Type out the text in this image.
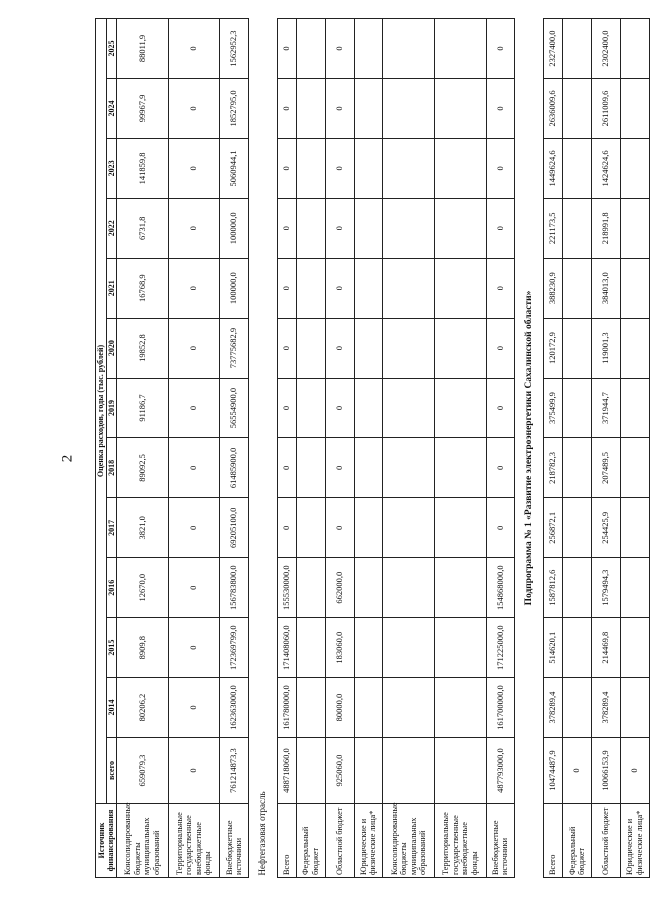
2
Источник финансирования	Оценка расходов, годы (тыс. рублей)												
	всего	2014	2015	2016	2017	2018	2019	2020	2021	2022	2023	2024	2025
Консолидированные бюджеты муниципальных образований	659079,3	80206,2	8909,8	12670,0	3821,0	89092,5	91186,7	19852,8	16768,9	6731,8	141859,8	99967,9	88011,9
Территориальные государственные внебюджетные фонды	0	0	0	0	0	0	0	0	0	0	0	0	0
Внебюджетные источники	761214873,3	162363000,0	172369799,0	156783800,0	69205100,0	61485900,0	56554900,0	73775682,9	100000,0	100000,0	5060944,1	1852795,0	1562952,3
Нефтегазовая отрасль													
Всего	488718060,0	161780000,0	171408060,0	155530000,0	0	0	0	0	0	0	0	0	0
Федеральный бюджет													
Областной бюджет	925060,0	80000,0	183060,0	662000,0	0	0	0	0	0	0	0	0	0
Юридические и физические лица*													
Консолидированные бюджеты муниципальных образований													
Территориальные государственные внебюджетные фонды													
Внебюджетные источники	487793000,0	161700000,0	171225000,0	154868000,0	0	0	0	0	0	0	0	0	0
Подпрограмма № 1 «Развитие электроэнергетики Сахалинской области»													
Всего	10474487,9	378289,4	514620,1	1587812,6	256872,1	218782,3	375499,9	120172,9	388230,9	221173,5	1449624,6	2636009,6	2327400,0
Федеральный бюджет	0												
Областной бюджет	10066153,9	378289,4	214469,8	1579494,3	254425,9	207489,5	371944,7	119001,3	384013,0	218991,8	1424624,6	2611009,6	2302400,0
Юридические и физические лица*	0												
